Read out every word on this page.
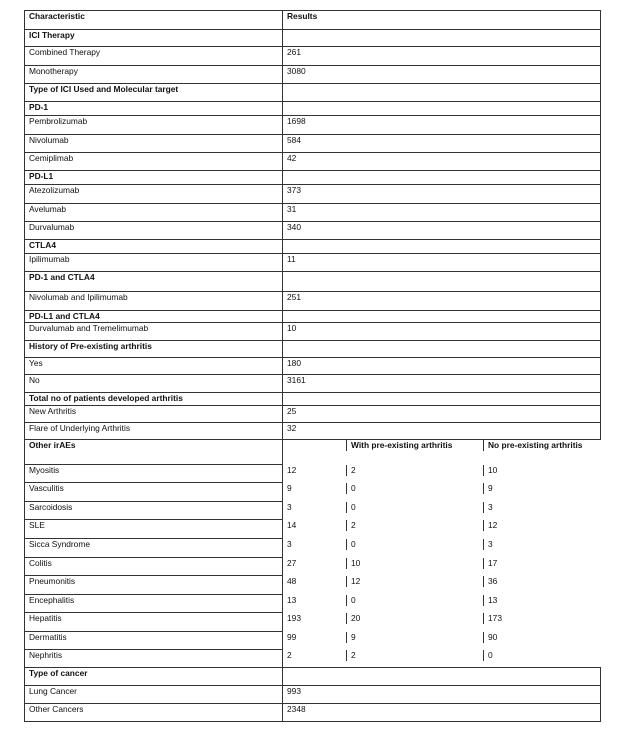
Characteristic	Results
ICI Therapy	
Combined Therapy	261
Monotherapy	3080
Type of ICI Used and Molecular target	
PD-1	
Pembrolizumab	1698
Nivolumab	584
Cemiplimab	42
PD-L1	
Atezolizumab	373
Avelumab	31
Durvalumab	340
CTLA4	
Ipilimumab	11
PD-1 and CTLA4	
Nivolumab and Ipilimumab	251
PD-L1 and CTLA4	
Durvalumab and Tremelimumab	10
History of Pre-existing arthritis	
Yes	180
No	3161
Total no of patients developed arthritis	
New Arthritis	25
Flare of Underlying Arthritis	32
Other irAEs	
		With pre-existing arthritis	No pre-existing arthritis

Myositis		12	2	10

Vasculitis		9	0	9

Sarcoidosis		3	0	3

SLE		14	2	12

Sicca Syndrome		3	0	3

Colitis		27	10	17

Pneumonitis		48	12	36

Encephalitis		13	0	13

Hepatitis		193	20	173

Dermatitis		99	9	90

Nephritis		2	2	0

Type of cancer	
Lung Cancer	993
Other Cancers	2348
